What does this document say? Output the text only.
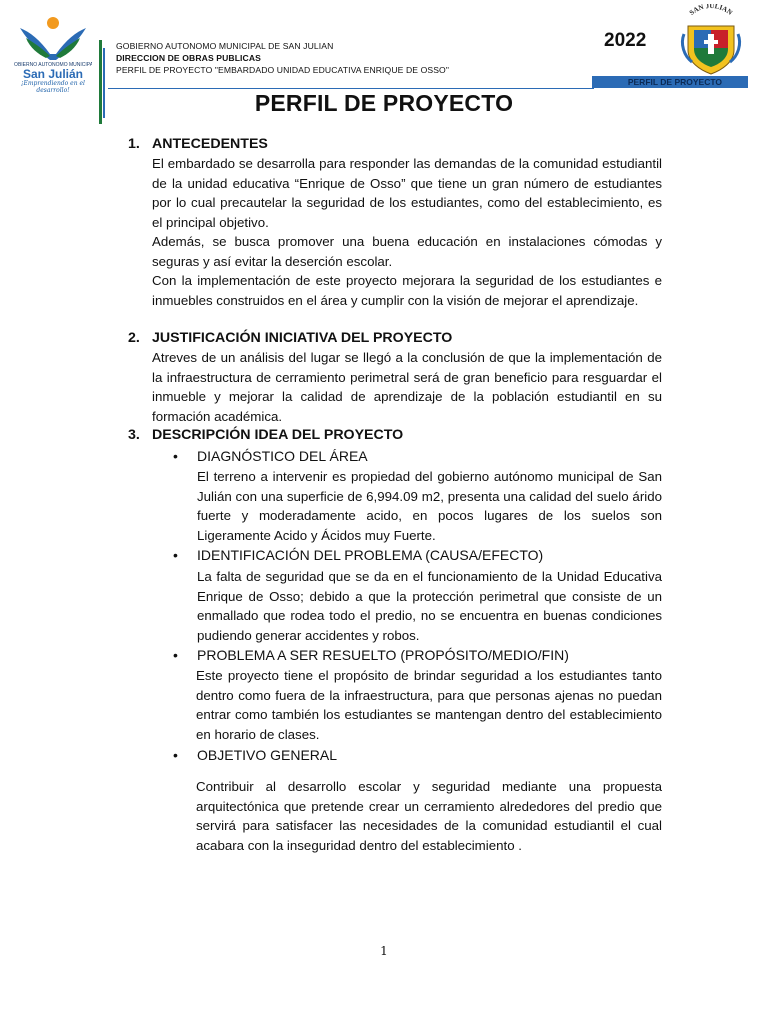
GOBIERNO AUTONOMO MUNICIPAL
San Julián
¡Emprendiendo en el desarrollo!
GOBIERNO AUTONOMO MUNICIPAL DE SAN JULIAN
DIRECCION DE OBRAS PUBLICAS
PERFIL DE PROYECTO "EMBARDADO UNIDAD EDUCATIVA ENRIQUE DE OSSO"
2022
SAN JULIAN
PERFIL DE PROYECTO
PERFIL DE PROYECTO
1. ANTECEDENTES
El embardado se desarrolla para responder las demandas de la comunidad estudiantil de la unidad educativa “Enrique de Osso” que tiene un gran número de estudiantes por lo cual precautelar la seguridad de los estudiantes, como del establecimiento, es el principal objetivo.
Además, se busca promover una buena educación en instalaciones cómodas y seguras y así evitar la deserción escolar.
Con la implementación de este proyecto mejorara la seguridad de los estudiantes e inmuebles construidos en el área y cumplir con la visión de mejorar el aprendizaje.
2. JUSTIFICACIÓN INICIATIVA DEL PROYECTO
Atreves de un análisis del lugar se llegó a la conclusión de que la implementación de la infraestructura de cerramiento perimetral será de gran beneficio para resguardar el inmueble y mejorar la calidad de aprendizaje de la población estudiantil en su formación académica.
3. DESCRIPCIÓN IDEA DEL PROYECTO
• DIAGNÓSTICO DEL ÁREA
El terreno a intervenir es propiedad del gobierno autónomo municipal de San Julián con una superficie de 6,994.09 m2, presenta una calidad del suelo árido fuerte y moderadamente acido, en pocos lugares de los suelos son Ligeramente Acido y Ácidos muy Fuerte.
• IDENTIFICACIÓN DEL PROBLEMA (CAUSA/EFECTO)
La falta de seguridad que se da en el funcionamiento de la Unidad Educativa Enrique de Osso; debido a que la protección perimetral que consiste de un enmallado que rodea todo el predio, no se encuentra en buenas condiciones pudiendo generar accidentes y robos.
• PROBLEMA A SER RESUELTO (PROPÓSITO/MEDIO/FIN)
Este proyecto tiene el propósito de brindar seguridad a los estudiantes tanto dentro como fuera de la infraestructura, para que personas ajenas no puedan entrar como también los estudiantes se mantengan dentro del establecimiento en horario de clases.
• OBJETIVO GENERAL
Contribuir al desarrollo escolar y seguridad mediante una propuesta arquitectónica que pretende crear un cerramiento alrededores del predio que servirá para satisfacer las necesidades de la comunidad estudiantil el cual acabara con la inseguridad dentro del establecimiento .
1
